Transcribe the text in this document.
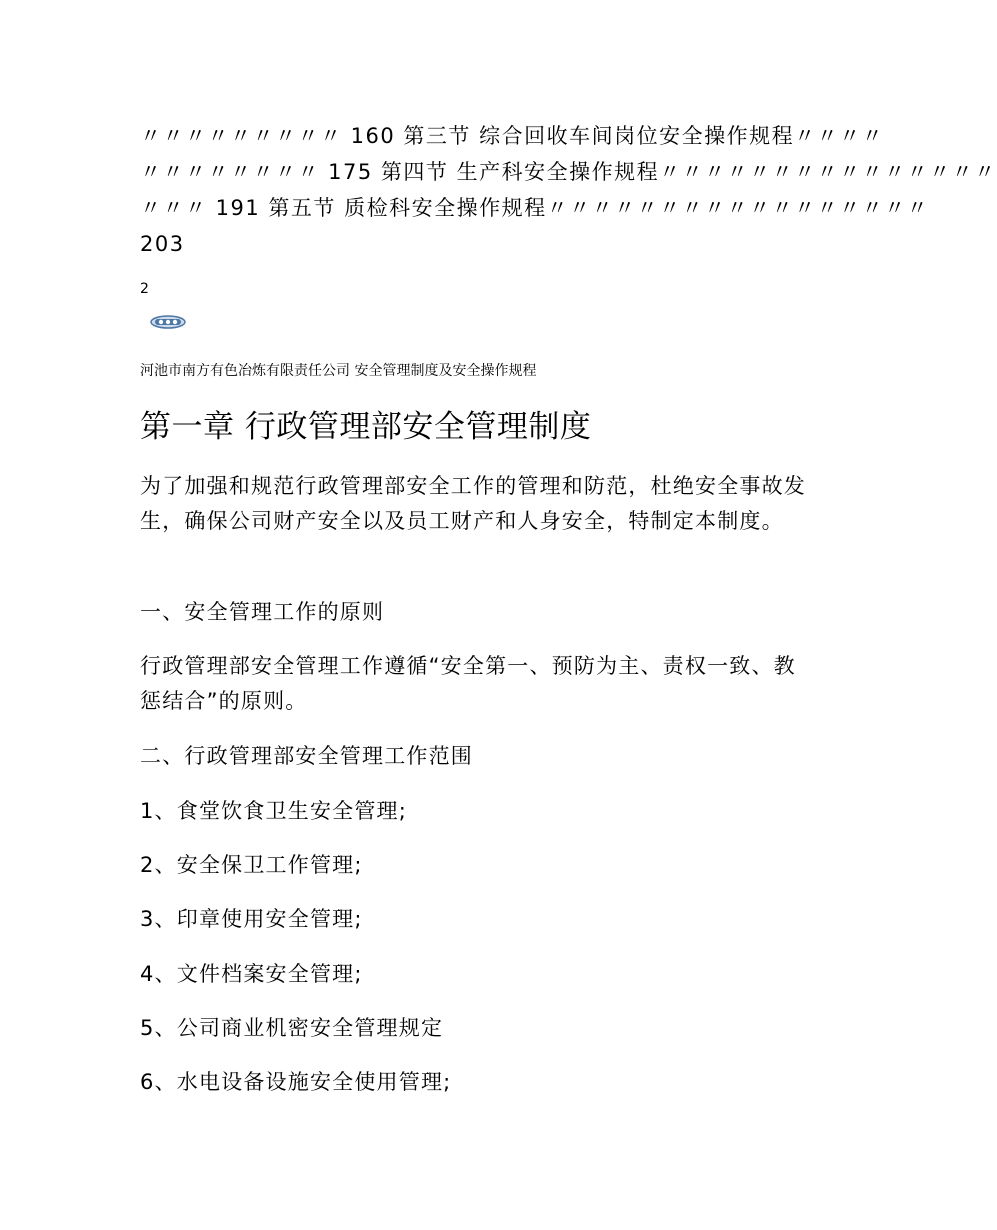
〃〃〃〃〃〃〃〃〃 160 第三节 综合回收车间岗位安全操作规程〃〃〃〃
〃〃〃〃〃〃〃〃 175 第四节 生产科安全操作规程〃〃〃〃〃〃〃〃〃〃〃〃〃〃〃
〃〃〃 191 第五节 质检科安全操作规程〃〃〃〃〃〃〃〃〃〃〃〃〃〃〃〃〃
203
2
河池市南方有色冶炼有限责任公司 安全管理制度及安全操作规程
第一章 行政管理部安全管理制度
为了加强和规范行政管理部安全工作的管理和防范，杜绝安全事故发生，确保公司财产安全以及员工财产和人身安全，特制定本制度。
一、安全管理工作的原则
行政管理部安全管理工作遵循“安全第一、预防为主、责权一致、教惩结合”的原则。
二、行政管理部安全管理工作范围
1、食堂饮食卫生安全管理;
2、安全保卫工作管理;
3、印章使用安全管理;
4、文件档案安全管理;
5、公司商业机密安全管理规定
6、水电设备设施安全使用管理;
